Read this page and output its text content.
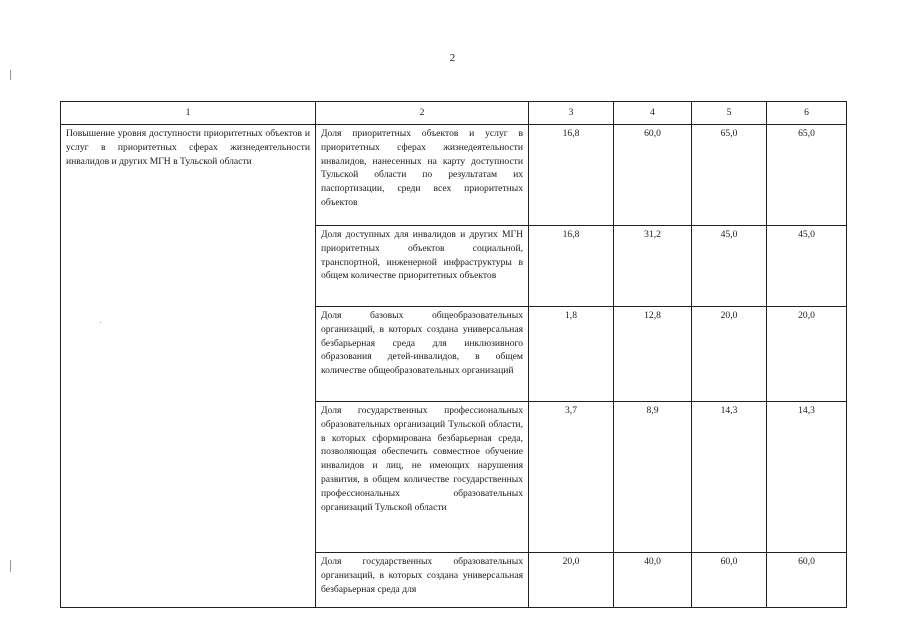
2
1	2	3	4	5	6
Повышение уровня доступности приоритетных объектов и услуг в приоритетных сферах жизнедеятельности инвалидов и других МГН в Тульской области	Доля приоритетных объектов и услуг в приоритетных сферах жизнедеятельности инвалидов, нанесенных на карту доступности Тульской области по результатам их паспортизации, среди всех приоритетных объектов	16,8	60,0	65,0	65,0
	Доля доступных для инвалидов и других МГН приоритетных объектов социальной, транспортной, инженерной инфраструктуры в общем количестве приоритетных объектов	16,8	31,2	45,0	45,0
	Доля базовых общеобразовательных организаций, в которых создана универсальная безбарьерная среда для инклюзивного образования детей-инвалидов, в общем количестве общеобразовательных организаций	1,8	12,8	20,0	20,0
	Доля государственных профессиональных образовательных организаций Тульской области, в которых сформирована безбарьерная среда, позволяющая обеспечить совместное обучение инвалидов и лиц, не имеющих нарушения развития, в общем количестве государственных профессиональных образовательных организаций Тульской области	3,7	8,9	14,3	14,3
	Доля государственных образовательных организаций, в которых создана универсальная безбарьерная среда для	20,0	40,0	60,0	60,0
